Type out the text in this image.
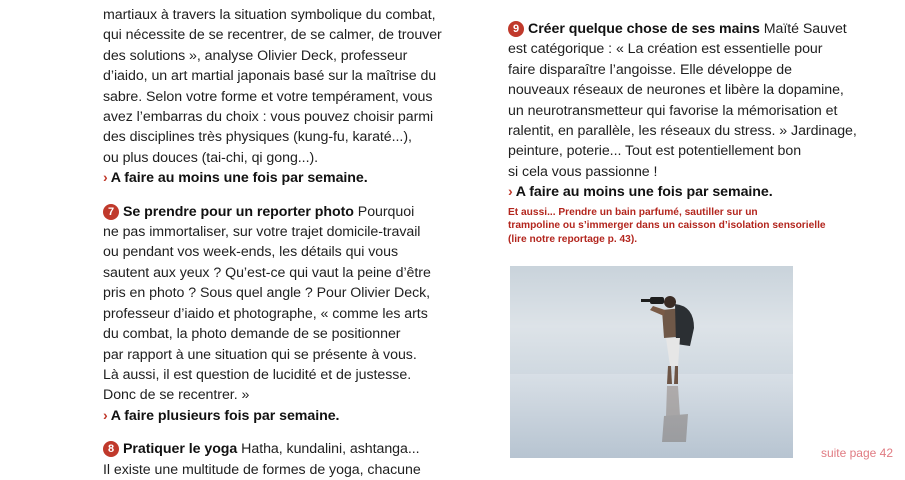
martiaux à travers la situation symbolique du combat,
qui nécessite de se recentrer, de se calmer, de trouver
des solutions », analyse Olivier Deck, professeur
d’iaido, un art martial japonais basé sur la maîtrise du
sabre. Selon votre forme et votre tempérament, vous
avez l’embarras du choix : vous pouvez choisir parmi
des disciplines très physiques (kung-fu, karaté...),
ou plus douces (tai-chi, qi gong...).
› A faire au moins une fois par semaine.
7 Se prendre pour un reporter photo Pourquoi
ne pas immortaliser, sur votre trajet domicile-travail
ou pendant vos week-ends, les détails qui vous
sautent aux yeux ? Qu’est-ce qui vaut la peine d’être
pris en photo ? Sous quel angle ? Pour Olivier Deck,
professeur d’iaido et photographe, « comme les arts
du combat, la photo demande de se positionner
par rapport à une situation qui se présente à vous.
Là aussi, il est question de lucidité et de justesse.
Donc de se recentrer. »
› A faire plusieurs fois par semaine.
8 Pratiquer le yoga Hatha, kundalini, ashtanga...
Il existe une multitude de formes de yoga, chacune
9 Créer quelque chose de ses mains Maïté Sauvet
est catégorique : « La création est essentielle pour
faire disparaître l’angoisse. Elle développe de
nouveaux réseaux de neurones et libère la dopamine,
un neurotransmetteur qui favorise la mémorisation et
ralentit, en parallèle, les réseaux du stress. » Jardinage,
peinture, poterie... Tout est potentiellement bon
si cela vous passionne !
› A faire au moins une fois par semaine.
Et aussi... Prendre un bain parfumé, sautiller sur un
trampoline ou s’immerger dans un caisson d’isolation sensorielle
(lire notre reportage p. 43).
suite page 42
